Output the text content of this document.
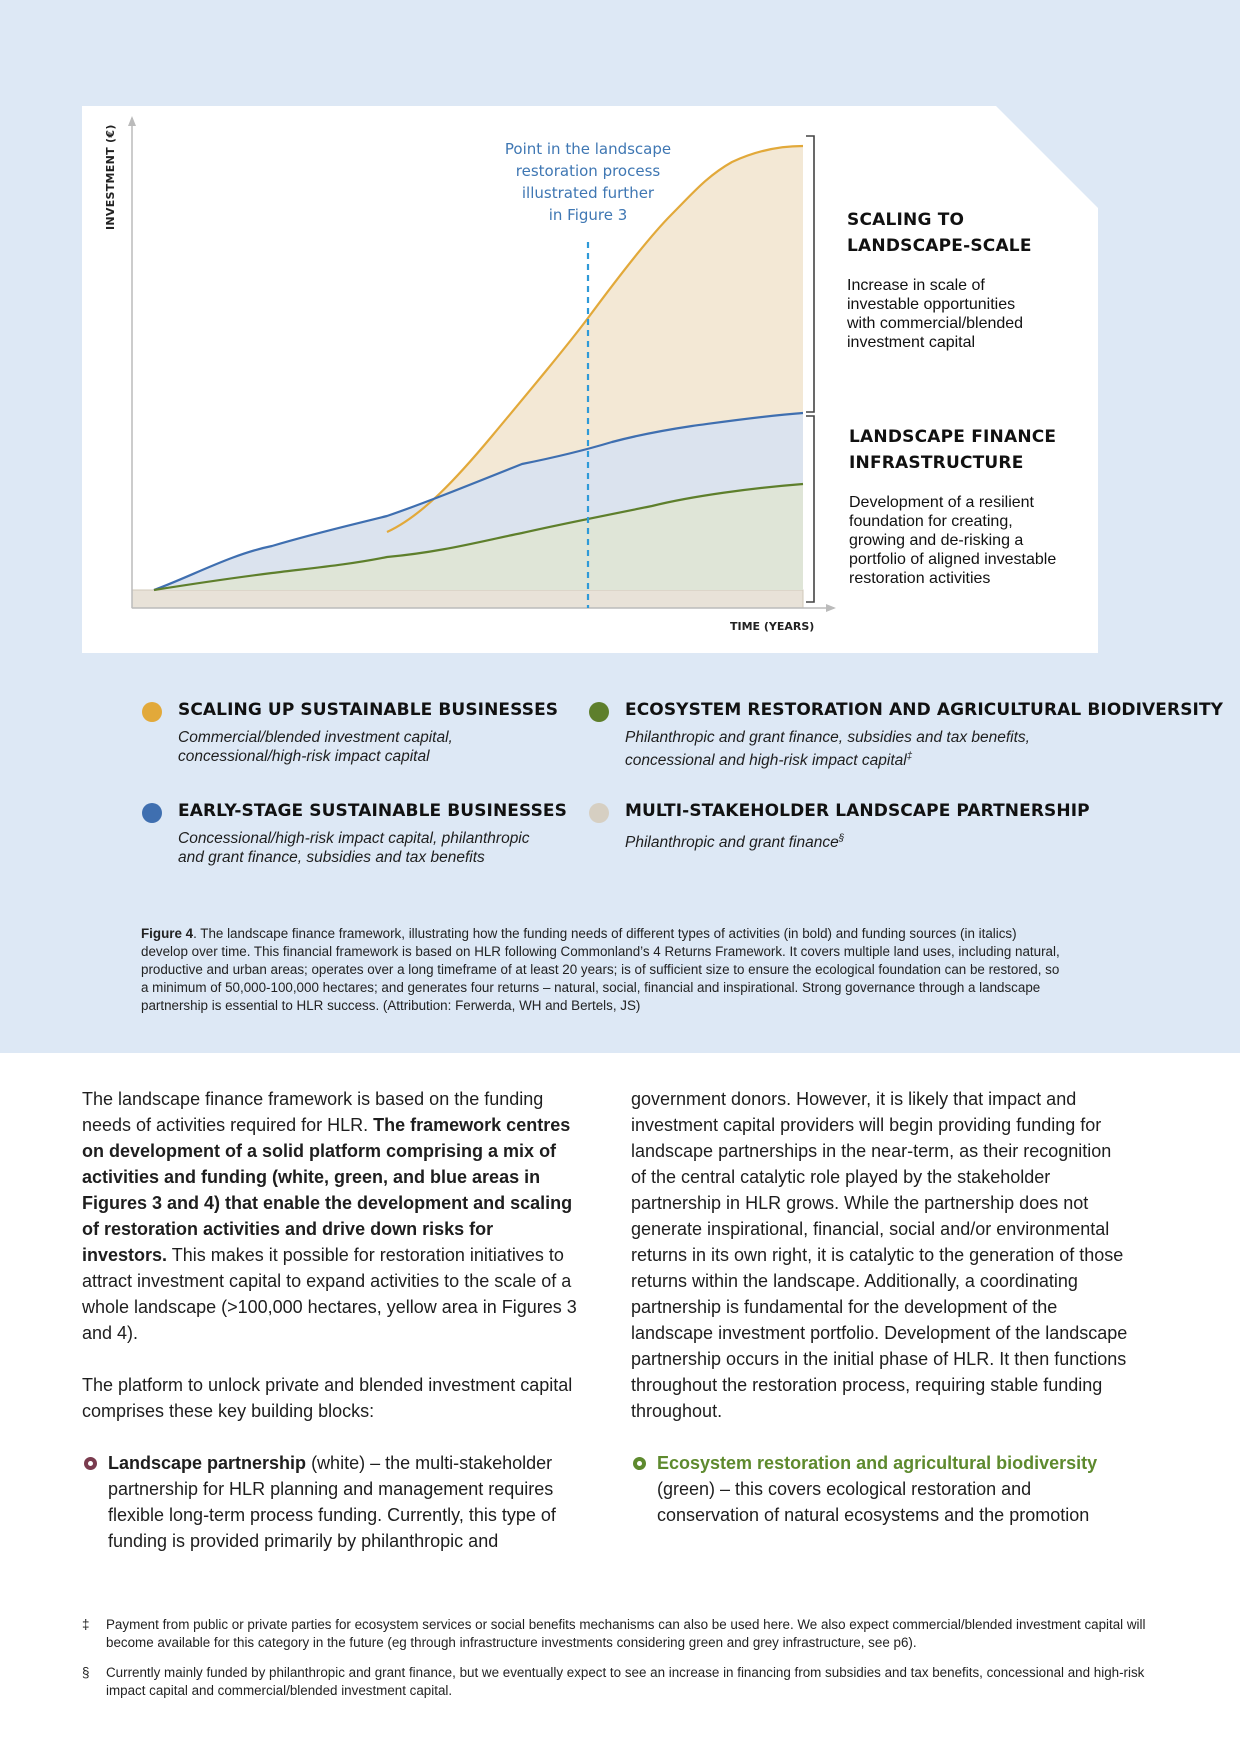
INVESTMENT (€)
TIME (YEARS)
Point in the landscape
restoration process
illustrated further
in Figure 3	SCALING TO
LANDSCAPE-SCALE
Increase in scale of
investable opportunities
with commercial/blended
investment capital
LANDSCAPE FINANCE
INFRASTRUCTURE
Development of a resilient
foundation for creating,
growing and de-risking a
portfolio of aligned investable
restoration activities
SCALING UP SUSTAINABLE BUSINESSES
Commercial/blended investment capital,
concessional/high-risk impact capital
ECOSYSTEM RESTORATION AND AGRICULTURAL BIODIVERSITY
Philanthropic and grant finance, subsidies and tax benefits,
concessional and high-risk impact capital‡
EARLY-STAGE SUSTAINABLE BUSINESSES
Concessional/high-risk impact capital, philanthropic
and grant finance, subsidies and tax benefits
MULTI-STAKEHOLDER LANDSCAPE PARTNERSHIP
Philanthropic and grant finance§
Figure 4. The landscape finance framework, illustrating how the funding needs of different types of activities (in bold) and funding sources (in italics) develop over time. This financial framework is based on HLR following Commonland’s 4 Returns Framework. It covers multiple land uses, including natural, productive and urban areas; operates over a long timeframe of at least 20 years; is of sufficient size to ensure the ecological foundation can be restored, so a minimum of 50,000-100,000 hectares; and generates four returns – natural, social, financial and inspirational. Strong governance through a landscape partnership is essential to HLR success. (Attribution: Ferwerda, WH and Bertels, JS)

The landscape finance framework is based on the funding needs of activities required for HLR. The framework centres on development of a solid platform comprising a mix of activities and funding (white, green, and blue areas in Figures 3 and 4) that enable the development and scaling of restoration activities and drive down risks for investors. This makes it possible for restoration initiatives to attract investment capital to expand activities to the scale of a whole landscape (>100,000 hectares, yellow area in Figures 3 and 4).

The platform to unlock private and blended investment capital comprises these key building blocks:

Landscape partnership (white) – the multi-stakeholder partnership for HLR planning and management requires flexible long-term process funding. Currently, this type of funding is provided primarily by philanthropic and

government donors. However, it is likely that impact and investment capital providers will begin providing funding for landscape partnerships in the near-term, as their recognition of the central catalytic role played by the stakeholder partnership in HLR grows. While the partnership does not generate inspirational, financial, social and/or environmental returns in its own right, it is catalytic to the generation of those returns within the landscape. Additionally, a coordinating partnership is fundamental for the development of the landscape investment portfolio. Development of the landscape partnership occurs in the initial phase of HLR. It then functions throughout the restoration process, requiring stable funding throughout.

Ecosystem restoration and agricultural biodiversity (green) – this covers ecological restoration and conservation of natural ecosystems and the promotion
‡ Payment from public or private parties for ecosystem services or social benefits mechanisms can also be used here. We also expect commercial/blended investment capital will become available for this category in the future (eg through infrastructure investments considering green and grey infrastructure, see p6).
§ Currently mainly funded by philanthropic and grant finance, but we eventually expect to see an increase in financing from subsidies and tax benefits, concessional and high-risk impact capital and commercial/blended investment capital.
